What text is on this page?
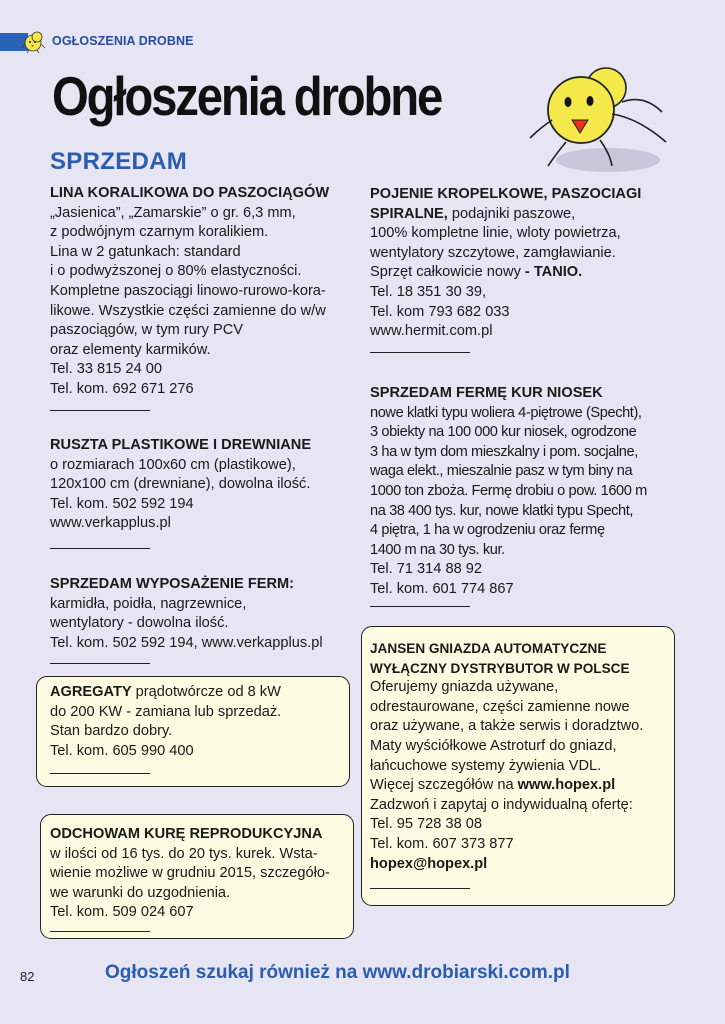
OGŁOSZENIA DROBNE
Ogłoszenia drobne
SPRZEDAM

LINA KORALIKOWA DO PASZOCIĄGÓW

„Jasienica”, „Zamarskie” o gr. 6,3 mm,

z podwójnym czarnym koralikiem.

Lina w 2 gatunkach: standard

i o podwyższonej o 80% elastyczności.

Kompletne paszociągi linowo-rurowo-kora-

likowe. Wszystkie części zamienne do w/w

paszociągów, w tym rury PCV

oraz elementy karmików.

Tel. 33 815 24 00

Tel. kom. 692 671 276

RUSZTA PLASTIKOWE I DREWNIANE

o rozmiarach 100x60 cm (plastikowe),

120x100 cm (drewniane), dowolna ilość.

Tel. kom. 502 592 194

www.verkapplus.pl

SPRZEDAM WYPOSAŻENIE FERM:

karmidła, poidła, nagrzewnice,

wentylatory - dowolna ilość.

Tel. kom. 502 592 194, www.verkapplus.pl

AGREGATY prądotwórcze od 8 kW

do 200 KW - zamiana lub sprzedaż.

Stan bardzo dobry.

Tel. kom. 605 990 400

ODCHOWAM KURĘ REPRODUKCYJNA

w ilości od 16 tys. do 20 tys. kurek. Wsta-

wienie możliwe w grudniu 2015, szczegóło-

we warunki do uzgodnienia.

Tel. kom. 509 024 607

POJENIE KROPELKOWE, PASZOCIAGI

SPIRALNE, podajniki paszowe,

100% kompletne linie, wloty powietrza,

wentylatory szczytowe, zamgławianie.

Sprzęt całkowicie nowy - TANIO.

Tel. 18 351 30 39,

Tel. kom 793 682 033

www.hermit.com.pl

SPRZEDAM FERMĘ KUR NIOSEK

nowe klatki typu woliera 4-piętrowe (Specht),

3 obiekty na 100 000 kur niosek, ogrodzone

3 ha w tym dom mieszkalny i pom. socjalne,

waga elekt., mieszalnie pasz w tym biny na

1000 ton zboża. Fermę drobiu o pow. 1600 m

na 38 400 tys. kur, nowe klatki typu Specht,

4 piętra, 1 ha w ogrodzeniu oraz fermę

1400 m na 30 tys. kur.

Tel. 71 314 88 92

Tel. kom. 601 774 867

JANSEN GNIAZDA AUTOMATYCZNE

WYŁĄCZNY DYSTRYBUTOR W POLSCE

Oferujemy gniazda używane,

odrestaurowane, części zamienne nowe

oraz używane, a także serwis i doradztwo.

Maty wyściółkowe Astroturf do gniazd,

łańcuchowe systemy żywienia VDL.

Więcej szczegółów na www.hopex.pl

Zadzwoń i zapytaj o indywidualną ofertę:

Tel. 95 728 38 08

Tel. kom. 607 373 877

hopex@hopex.pl

82	Ogłoszeń szukaj również na www.drobiarski.com.pl
